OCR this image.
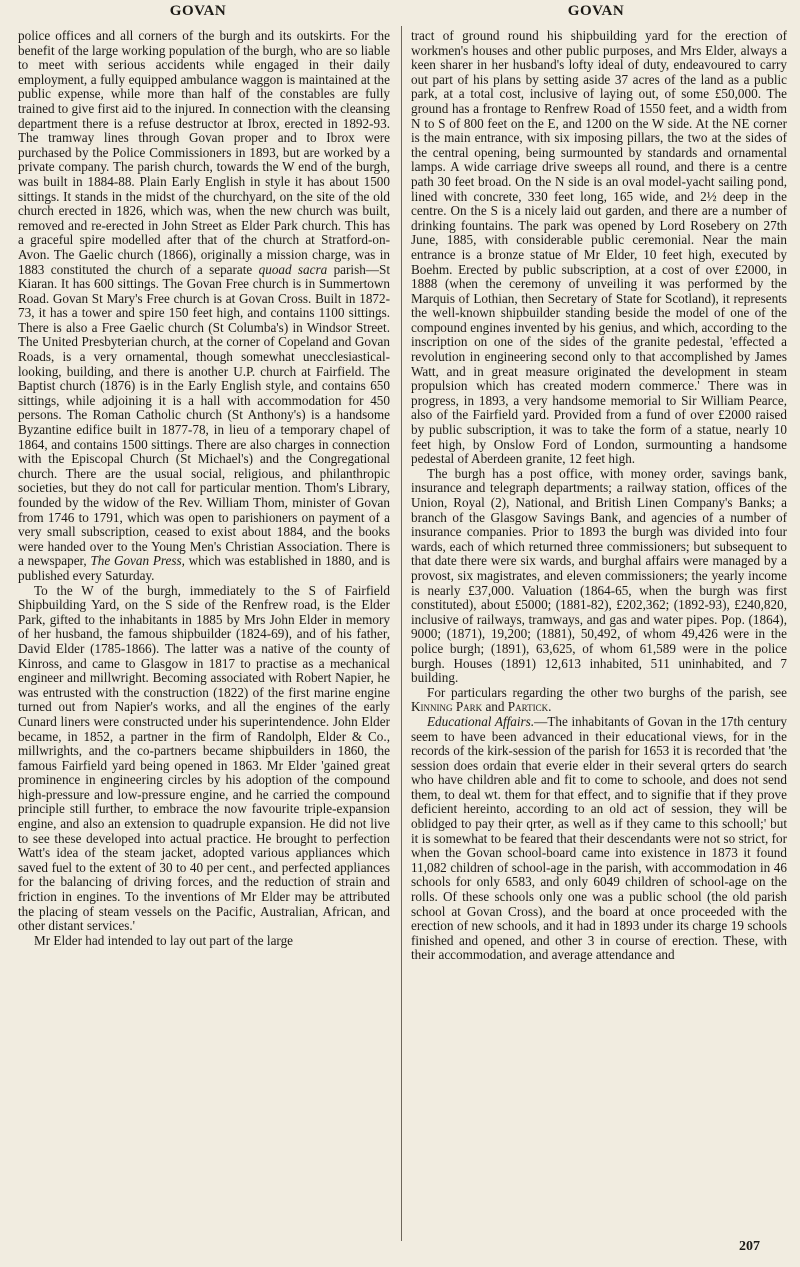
GOVAN	GOVAN

police offices and all corners of the burgh and its outskirts. For the benefit of the large working population of the burgh, who are so liable to meet with serious accidents while engaged in their daily employment, a fully equipped ambulance waggon is maintained at the public expense, while more than half of the constables are fully trained to give first aid to the injured. In connection with the cleansing department there is a refuse destructor at Ibrox, erected in 1892-93. The tramway lines through Govan proper and to Ibrox were purchased by the Police Commissioners in 1893, but are worked by a private company. The parish church, towards the W end of the burgh, was built in 1884-88. Plain Early English in style it has about 1500 sittings. It stands in the midst of the churchyard, on the site of the old church erected in 1826, which was, when the new church was built, removed and re-erected in John Street as Elder Park church. This has a graceful spire modelled after that of the church at Stratford-on-Avon. The Gaelic church (1866), originally a mission charge, was in 1883 constituted the church of a separate quoad sacra parish—St Kiaran. It has 600 sittings. The Govan Free church is in Summertown Road. Govan St Mary's Free church is at Govan Cross. Built in 1872-73, it has a tower and spire 150 feet high, and contains 1100 sittings. There is also a Free Gaelic church (St Columba's) in Windsor Street. The United Presbyterian church, at the corner of Copeland and Govan Roads, is a very ornamental, though somewhat unecclesiastical-looking, building, and there is another U.P. church at Fairfield. The Baptist church (1876) is in the Early English style, and contains 650 sittings, while adjoining it is a hall with accommodation for 450 persons. The Roman Catholic church (St Anthony's) is a handsome Byzantine edifice built in 1877-78, in lieu of a temporary chapel of 1864, and contains 1500 sittings. There are also charges in connection with the Episcopal Church (St Michael's) and the Congregational church. There are the usual social, religious, and philanthropic societies, but they do not call for particular mention. Thom's Library, founded by the widow of the Rev. William Thom, minister of Govan from 1746 to 1791, which was open to parishioners on payment of a very small subscription, ceased to exist about 1884, and the books were handed over to the Young Men's Christian Association. There is a newspaper, The Govan Press, which was established in 1880, and is published every Saturday.

To the W of the burgh, immediately to the S of Fairfield Shipbuilding Yard, on the S side of the Renfrew road, is the Elder Park, gifted to the inhabitants in 1885 by Mrs John Elder in memory of her husband, the famous shipbuilder (1824-69), and of his father, David Elder (1785-1866). The latter was a native of the county of Kinross, and came to Glasgow in 1817 to practise as a mechanical engineer and millwright. Becoming associated with Robert Napier, he was entrusted with the construction (1822) of the first marine engine turned out from Napier's works, and all the engines of the early Cunard liners were constructed under his superintendence. John Elder became, in 1852, a partner in the firm of Randolph, Elder & Co., millwrights, and the co-partners became shipbuilders in 1860, the famous Fairfield yard being opened in 1863. Mr Elder 'gained great prominence in engineering circles by his adoption of the compound high-pressure and low-pressure engine, and he carried the compound principle still further, to embrace the now favourite triple-expansion engine, and also an extension to quadruple expansion. He did not live to see these developed into actual practice. He brought to perfection Watt's idea of the steam jacket, adopted various appliances which saved fuel to the extent of 30 to 40 per cent., and perfected appliances for the balancing of driving forces, and the reduction of strain and friction in engines. To the inventions of Mr Elder may be attributed the placing of steam vessels on the Pacific, Australian, African, and other distant services.'

Mr Elder had intended to lay out part of the large

tract of ground round his shipbuilding yard for the erection of workmen's houses and other public purposes, and Mrs Elder, always a keen sharer in her husband's lofty ideal of duty, endeavoured to carry out part of his plans by setting aside 37 acres of the land as a public park, at a total cost, inclusive of laying out, of some £50,000. The ground has a frontage to Renfrew Road of 1550 feet, and a width from N to S of 800 feet on the E, and 1200 on the W side. At the NE corner is the main entrance, with six imposing pillars, the two at the sides of the central opening, being surmounted by standards and ornamental lamps. A wide carriage drive sweeps all round, and there is a centre path 30 feet broad. On the N side is an oval model-yacht sailing pond, lined with concrete, 330 feet long, 165 wide, and 2½ deep in the centre. On the S is a nicely laid out garden, and there are a number of drinking fountains. The park was opened by Lord Rosebery on 27th June, 1885, with considerable public ceremonial. Near the main entrance is a bronze statue of Mr Elder, 10 feet high, executed by Boehm. Erected by public subscription, at a cost of over £2000, in 1888 (when the ceremony of unveiling it was performed by the Marquis of Lothian, then Secretary of State for Scotland), it represents the well-known shipbuilder standing beside the model of one of the compound engines invented by his genius, and which, according to the inscription on one of the sides of the granite pedestal, 'effected a revolution in engineering second only to that accomplished by James Watt, and in great measure originated the development in steam propulsion which has created modern commerce.' There was in progress, in 1893, a very handsome memorial to Sir William Pearce, also of the Fairfield yard. Provided from a fund of over £2000 raised by public subscription, it was to take the form of a statue, nearly 10 feet high, by Onslow Ford of London, surmounting a handsome pedestal of Aberdeen granite, 12 feet high.

The burgh has a post office, with money order, savings bank, insurance and telegraph departments; a railway station, offices of the Union, Royal (2), National, and British Linen Company's Banks; a branch of the Glasgow Savings Bank, and agencies of a number of insurance companies. Prior to 1893 the burgh was divided into four wards, each of which returned three commissioners; but subsequent to that date there were six wards, and burghal affairs were managed by a provost, six magistrates, and eleven commissioners; the yearly income is nearly £37,000. Valuation (1864-65, when the burgh was first constituted), about £5000; (1881-82), £202,362; (1892-93), £240,820, inclusive of railways, tramways, and gas and water pipes. Pop. (1864), 9000; (1871), 19,200; (1881), 50,492, of whom 49,426 were in the police burgh; (1891), 63,625, of whom 61,589 were in the police burgh. Houses (1891) 12,613 inhabited, 511 uninhabited, and 7 building.

For particulars regarding the other two burghs of the parish, see Kinning Park and Partick.

Educational Affairs.—The inhabitants of Govan in the 17th century seem to have been advanced in their educational views, for in the records of the kirk-session of the parish for 1653 it is recorded that 'the session does ordain that everie elder in their several qrters do search who have children able and fit to come to schoole, and does not send them, to deal wt. them for that effect, and to signifie that if they prove deficient hereinto, according to an old act of session, they will be oblidged to pay their qrter, as well as if they came to this schooll;' but it is somewhat to be feared that their descendants were not so strict, for when the Govan school-board came into existence in 1873 it found 11,082 children of school-age in the parish, with accommodation in 46 schools for only 6583, and only 6049 children of school-age on the rolls. Of these schools only one was a public school (the old parish school at Govan Cross), and the board at once proceeded with the erection of new schools, and it had in 1893 under its charge 19 schools finished and opened, and other 3 in course of erection. These, with their accommodation, and average attendance and

207
